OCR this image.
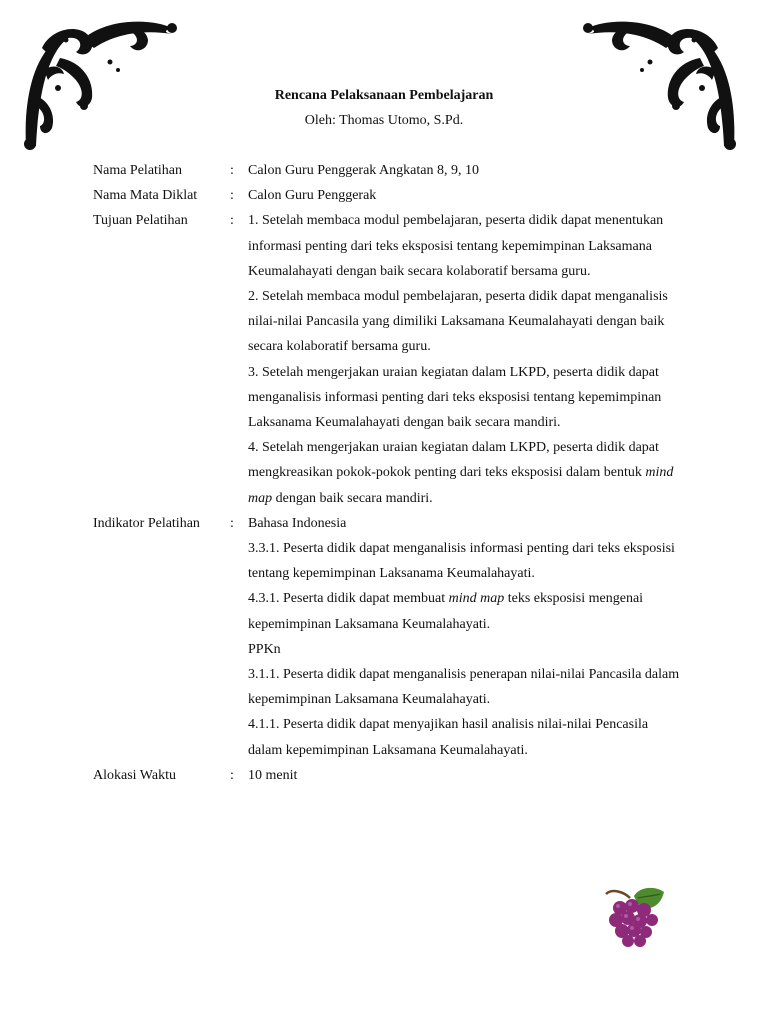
Rencana Pelaksanaan Pembelajaran
Oleh: Thomas Utomo, S.Pd.
Nama Pelatihan	:	Calon Guru Penggerak Angkatan 8, 9, 10

Nama Mata Diklat	:	Calon Guru Penggerak

Tujuan Pelatihan	:	1. Setelah membaca modul pembelajaran, peserta didik dapat menentukan informasi penting dari teks eksposisi tentang kepemimpinan Laksamana Keumalahayati dengan baik secara kolaboratif bersama guru.

2. Setelah membaca modul pembelajaran, peserta didik dapat menganalisis nilai-nilai Pancasila yang dimiliki Laksamana Keumalahayati dengan baik secara kolaboratif bersama guru.

3. Setelah mengerjakan uraian kegiatan dalam LKPD, peserta didik dapat menganalisis informasi penting dari teks eksposisi tentang kepemimpinan Laksanama Keumalahayati dengan baik secara mandiri.

4. Setelah mengerjakan uraian kegiatan dalam LKPD, peserta didik dapat mengkreasikan pokok-pokok penting dari teks eksposisi dalam bentuk mind map dengan baik secara mandiri.

Indikator Pelatihan	:	Bahasa Indonesia

3.3.1. Peserta didik dapat menganalisis informasi penting dari teks eksposisi tentang kepemimpinan Laksanama Keumalahayati.

4.3.1. Peserta didik dapat membuat mind map teks eksposisi mengenai kepemimpinan Laksamana Keumalahayati.

PPKn

3.1.1. Peserta didik dapat menganalisis penerapan nilai-nilai Pancasila dalam kepemimpinan Laksamana Keumalahayati.

4.1.1. Peserta didik dapat menyajikan hasil analisis nilai-nilai Pencasila dalam kepemimpinan Laksamana Keumalahayati.

Alokasi Waktu	:	10 menit
